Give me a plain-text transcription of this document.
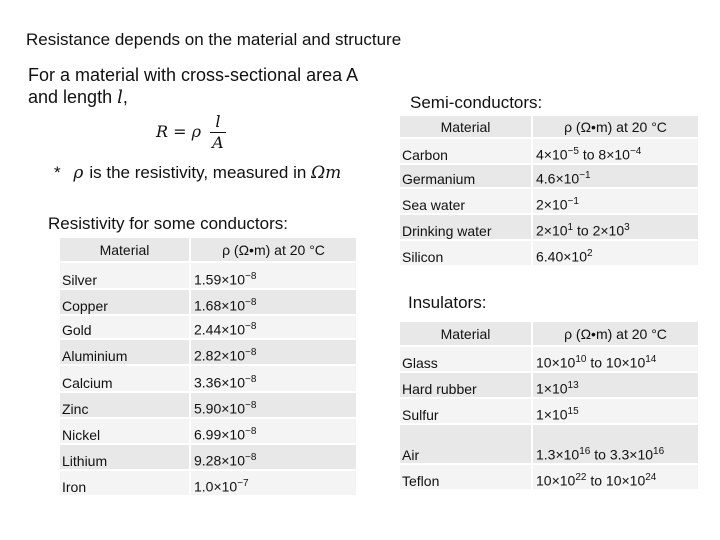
Resistance depends on the material and structure
For a material with cross-sectional area A
and length l,
R = ρ $\frac{l}{A}$
* ρ is the resistivity, measured in Ωm
Resistivity for some conductors:
Material	ρ (Ω•m) at 20 °C
Silver	$1.59\times 10^{-8}$
Copper	$1.68\times 10^{-8}$
Gold	$2.44\times 10^{-8}$
Aluminium	$2.82\times 10^{-8}$
Calcium	$3.36\times 10^{-8}$
Zinc	$5.90\times 10^{-8}$
Nickel	$6.99\times 10^{-8}$
Lithium	$9.28\times 10^{-8}$
Iron	$1.0\times 10^{-7}$
Semi-conductors:
Material	ρ (Ω•m) at 20 °C
Carbon	$4\times 10^{-5}$ to $8\times 10^{-4}$
Germanium	$4.6\times 10^{-1}$
Sea water	$2\times 10^{-1}$
Drinking water	$2\times 10^1$ to $2\times 10^3$
Silicon	$6.40\times 10^2$
Insulators:
Material	ρ (Ω•m) at 20 °C
Glass	$10\times 10^{10}$ to $10\times 10^{14}$
Hard rubber	$1\times 10^{13}$
Sulfur	$1\times 10^{15}$
Air	$1.3\times 10^{16}$ to $3.3\times 10^{16}$
Teflon	$10\times 10^{22}$ to $10\times 10^{24}$
